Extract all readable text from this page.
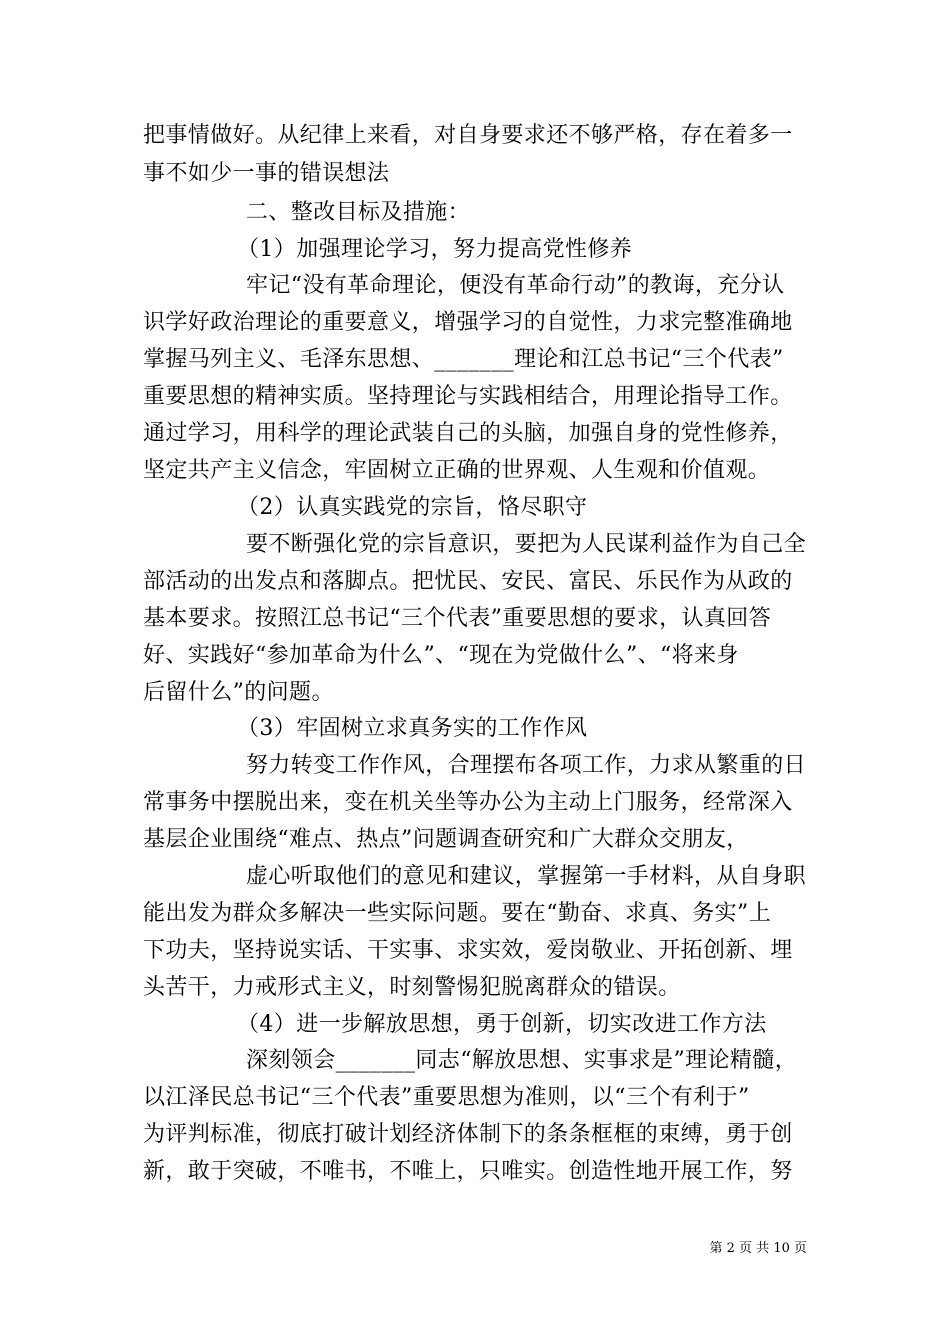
把事情做好。从纪律上来看，对自身要求还不够严格，存在着多一
事不如少一事的错误想法
二、整改目标及措施：
（1）加强理论学习，努力提高党性修养
牢记“没有革命理论，便没有革命行动”的教诲，充分认
识学好政治理论的重要意义，增强学习的自觉性，力求完整准确地
掌握马列主义、毛泽东思想、_______理论和江总书记“三个代表”
重要思想的精神实质。坚持理论与实践相结合，用理论指导工作。
通过学习，用科学的理论武装自己的头脑，加强自身的党性修养，
坚定共产主义信念，牢固树立正确的世界观、人生观和价值观。
（2）认真实践党的宗旨，恪尽职守
要不断强化党的宗旨意识，要把为人民谋利益作为自己全
部活动的出发点和落脚点。把忧民、安民、富民、乐民作为从政的
基本要求。按照江总书记“三个代表”重要思想的要求，认真回答
好、实践好“参加革命为什么”、“现在为党做什么”、“将来身
后留什么”的问题。
（3）牢固树立求真务实的工作作风
努力转变工作作风，合理摆布各项工作，力求从繁重的日
常事务中摆脱出来，变在机关坐等办公为主动上门服务，经常深入
基层企业围绕“难点、热点”问题调查研究和广大群众交朋友，
虚心听取他们的意见和建议，掌握第一手材料，从自身职
能出发为群众多解决一些实际问题。要在“勤奋、求真、务实”上
下功夫，坚持说实话、干实事、求实效，爱岗敬业、开拓创新、埋
头苦干，力戒形式主义，时刻警惕犯脱离群众的错误。
（4）进一步解放思想，勇于创新，切实改进工作方法
深刻领会_______同志“解放思想、实事求是”理论精髓，
以江泽民总书记“三个代表”重要思想为准则，以“三个有利于”
为评判标准，彻底打破计划经济体制下的条条框框的束缚，勇于创
新，敢于突破，不唯书，不唯上，只唯实。创造性地开展工作，努
第 2 页 共 10 页
